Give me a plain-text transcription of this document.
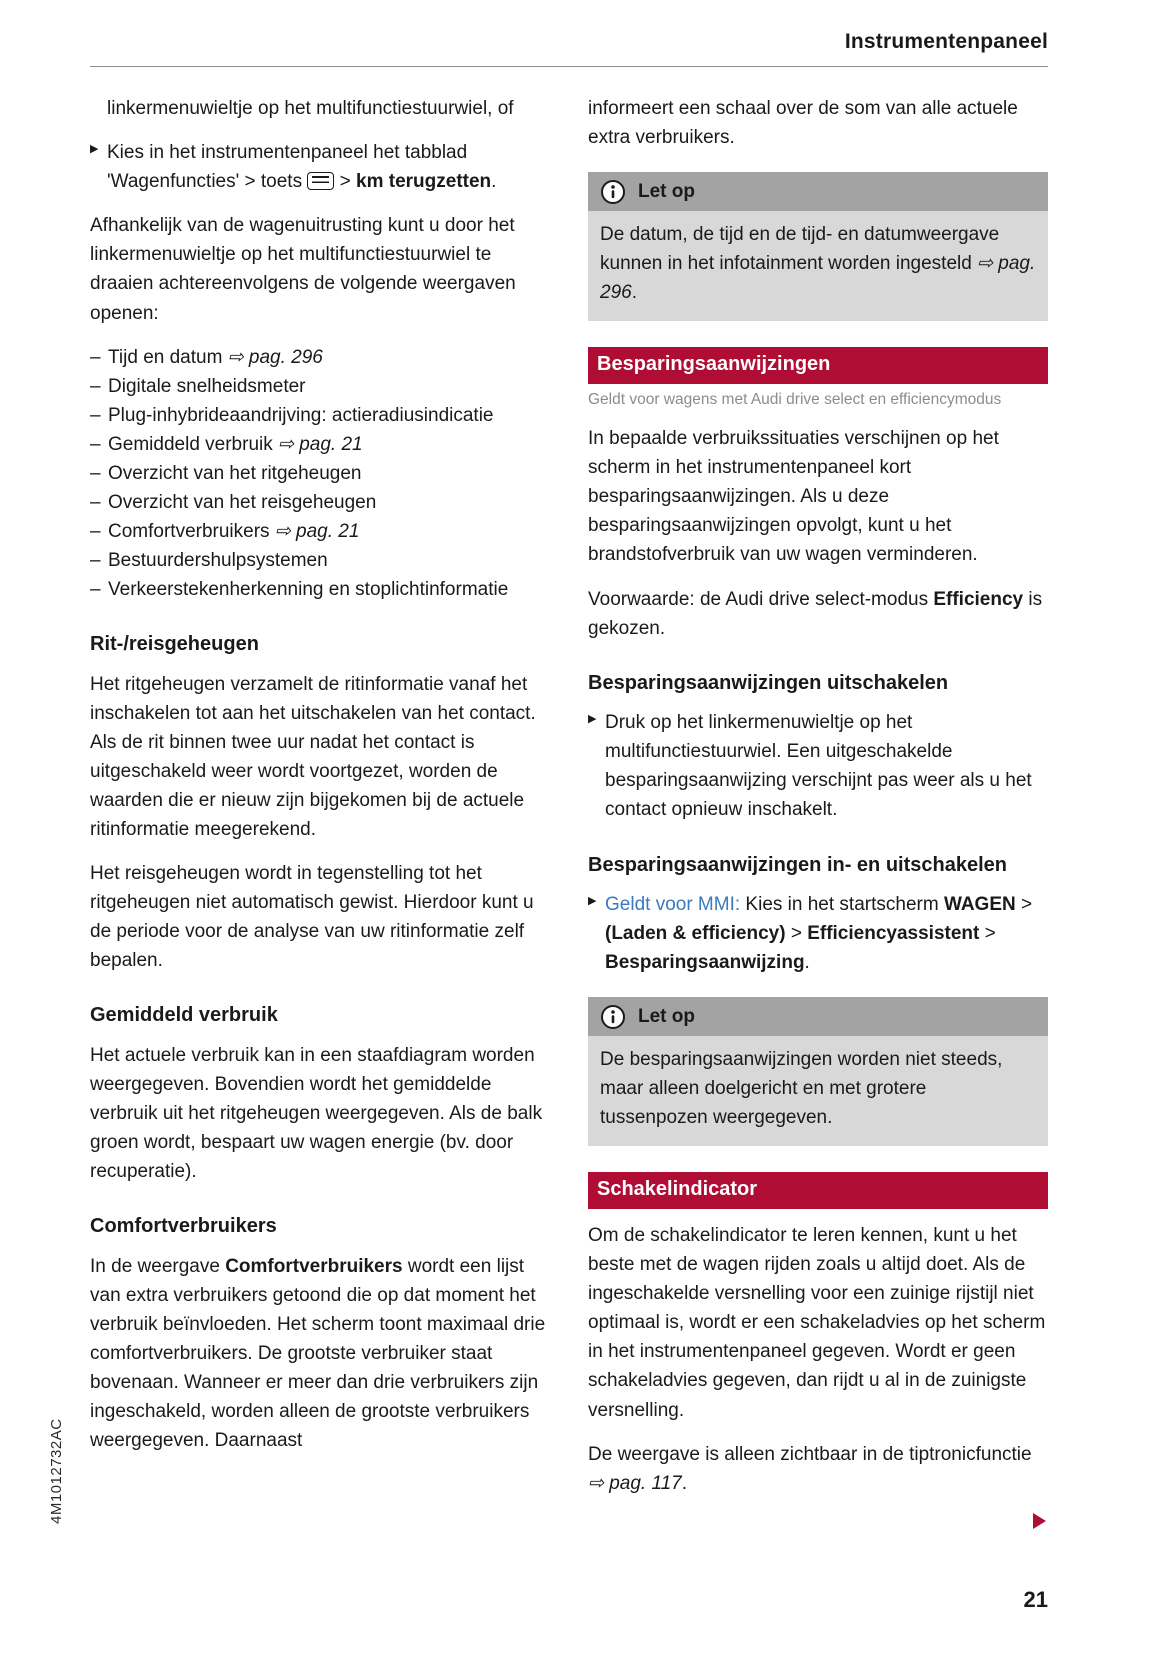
Instrumentenpaneel

linkermenuwieltje op het multifunctiestuurwiel, of

▶ Kies in het instrumentenpaneel het tabblad 'Wagenfuncties' > toets  > km terugzetten.

Afhankelijk van de wagenuitrusting kunt u door het linkermenuwieltje op het multifunctiestuurwiel te draaien achtereenvolgens de volgende weergaven openen:

– Tijd en datum ⇨ pag. 296
– Digitale snelheidsmeter
– Plug-inhybrideaandrijving: actieradiusindicatie
– Gemiddeld verbruik ⇨ pag. 21
– Overzicht van het ritgeheugen
– Overzicht van het reisgeheugen
– Comfortverbruikers ⇨ pag. 21
– Bestuurdershulpsystemen
– Verkeerstekenherkenning en stoplichtinformatie
Rit-/reisgeheugen

Het ritgeheugen verzamelt de ritinformatie vanaf het inschakelen tot aan het uitschakelen van het contact. Als de rit binnen twee uur nadat het contact is uitgeschakeld weer wordt voortgezet, worden de waarden die er nieuw zijn bijgekomen bij de actuele ritinformatie meegerekend.

Het reisgeheugen wordt in tegenstelling tot het ritgeheugen niet automatisch gewist. Hierdoor kunt u de periode voor de analyse van uw ritinformatie zelf bepalen.

Gemiddeld verbruik

Het actuele verbruik kan in een staafdiagram worden weergegeven. Bovendien wordt het gemiddelde verbruik uit het ritgeheugen weergegeven. Als de balk groen wordt, bespaart uw wagen energie (bv. door recuperatie).

Comfortverbruikers

In de weergave Comfortverbruikers wordt een lijst van extra verbruikers getoond die op dat moment het verbruik beïnvloeden. Het scherm toont maximaal drie comfortverbruikers. De grootste verbruiker staat bovenaan. Wanneer er meer dan drie verbruikers zijn ingeschakeld, worden alleen de grootste verbruikers weergegeven. Daarnaast

informeert een schaal over de som van alle actuele extra verbruikers.

Let op
De datum, de tijd en de tijd- en datumweergave kunnen in het infotainment worden ingesteld ⇨ pag. 296.
Besparingsaanwijzingen
Geldt voor wagens met Audi drive select en efficiencymodus

In bepaalde verbruikssituaties verschijnen op het scherm in het instrumentenpaneel kort besparingsaanwijzingen. Als u deze besparingsaanwijzingen opvolgt, kunt u het brandstofverbruik van uw wagen verminderen.

Voorwaarde: de Audi drive select-modus Efficiency is gekozen.

Besparingsaanwijzingen uitschakelen

▶ Druk op het linkermenuwieltje op het multifunctiestuurwiel. Een uitgeschakelde besparingsaanwijzing verschijnt pas weer als u het contact opnieuw inschakelt.

Besparingsaanwijzingen in- en uitschakelen

▶ Geldt voor MMI: Kies in het startscherm WAGEN > (Laden & efficiency) > Efficiencyassistent > Besparingsaanwijzing.

Let op
De besparingsaanwijzingen worden niet steeds, maar alleen doelgericht en met grotere tussenpozen weergegeven.
Schakelindicator

Om de schakelindicator te leren kennen, kunt u het beste met de wagen rijden zoals u altijd doet. Als de ingeschakelde versnelling voor een zuinige rijstijl niet optimaal is, wordt er een schakeladvies op het scherm in het instrumentenpaneel gegeven. Wordt er geen schakeladvies gegeven, dan rijdt u al in de zuinigste versnelling.

De weergave is alleen zichtbaar in de tiptronicfunctie ⇨ pag. 117.

4M1012732AC
21
